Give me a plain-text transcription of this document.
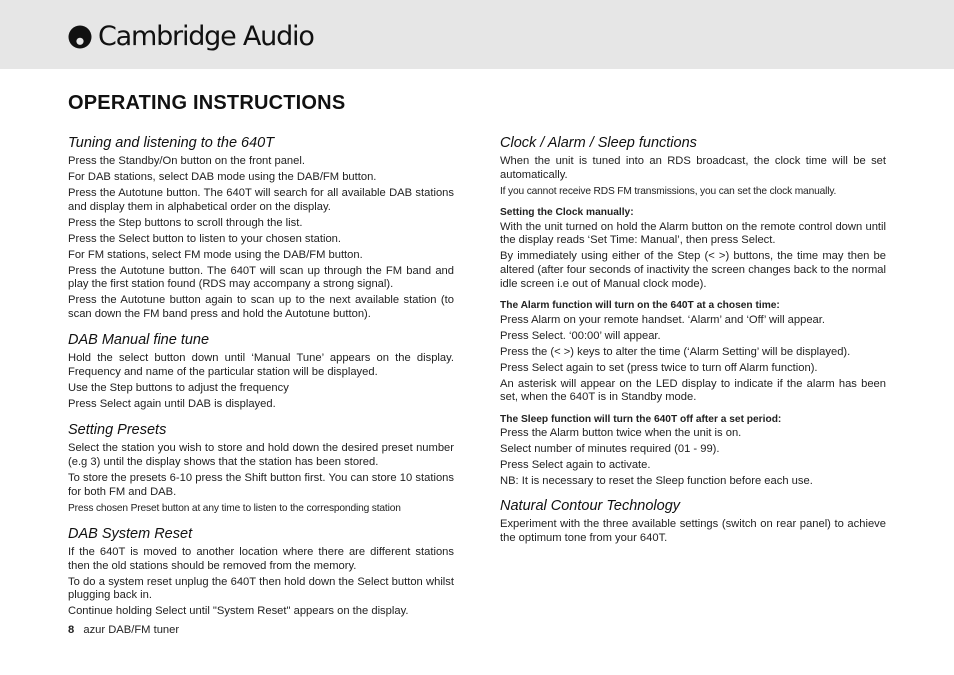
Cambridge Audio
OPERATING INSTRUCTIONS
Tuning and listening to the 640T

Press the Standby/On button on the front panel.

For DAB stations, select DAB mode using the DAB/FM button.

Press the Autotune button. The 640T will search for all available DAB stations and display them in alphabetical order on the display.

Press the Step buttons to scroll through the list.

Press the Select button to listen to your chosen station.

For FM stations, select FM mode using the DAB/FM button.

Press the Autotune button. The 640T will scan up through the FM band and play the first station found (RDS may accompany a strong signal).

Press the Autotune button again to scan up to the next available station (to scan down the FM band press and hold the Autotune button).

DAB Manual fine tune

Hold the select button down until ‘Manual Tune’ appears on the display. Frequency and name of the particular station will be displayed.

Use the Step buttons to adjust the frequency

Press Select again until DAB is displayed.

Setting Presets

Select the station you wish to store and hold down the desired preset number (e.g 3) until the display shows that the station has been stored.

To store the presets 6-10 press the Shift button first. You can store 10 stations for both FM and DAB.

Press chosen Preset button at any time to listen to the corresponding station

DAB System Reset

If the 640T is moved to another location where there are different stations then the old stations should be removed from the memory.

To do a system reset unplug the 640T then hold down the Select button whilst plugging back in.

Continue holding Select until "System Reset" appears on the display.

Clock / Alarm / Sleep functions

When the unit is tuned into an RDS broadcast, the clock time will be set automatically.

If you cannot receive RDS FM transmissions, you can set the clock manually.

Setting the Clock manually:

With the unit turned on hold the Alarm button on the remote control down until the display reads ‘Set Time: Manual’, then press Select.

By immediately using either of the Step (< >) buttons, the time may then be altered (after four seconds of inactivity the screen changes back to the normal idle screen i.e out of Manual clock mode).

The Alarm function will turn on the 640T at a chosen time:

Press Alarm on your remote handset. ‘Alarm’ and ‘Off’ will appear.

Press Select. ‘00:00’ will appear.

Press the (< >) keys to alter the time (‘Alarm Setting’ will be displayed).

Press Select again to set (press twice to turn off Alarm function).

An asterisk will appear on the LED display to indicate if the alarm has been set, when the 640T is in Standby mode.

The Sleep function will turn the 640T off after a set period:

Press the Alarm button twice when the unit is on.

Select number of minutes required (01 - 99).

Press Select again to activate.

NB: It is necessary to reset the Sleep function before each use.

Natural Contour Technology

Experiment with the three available settings (switch on rear panel) to achieve the optimum tone from your 640T.

8 azur DAB/FM tuner
